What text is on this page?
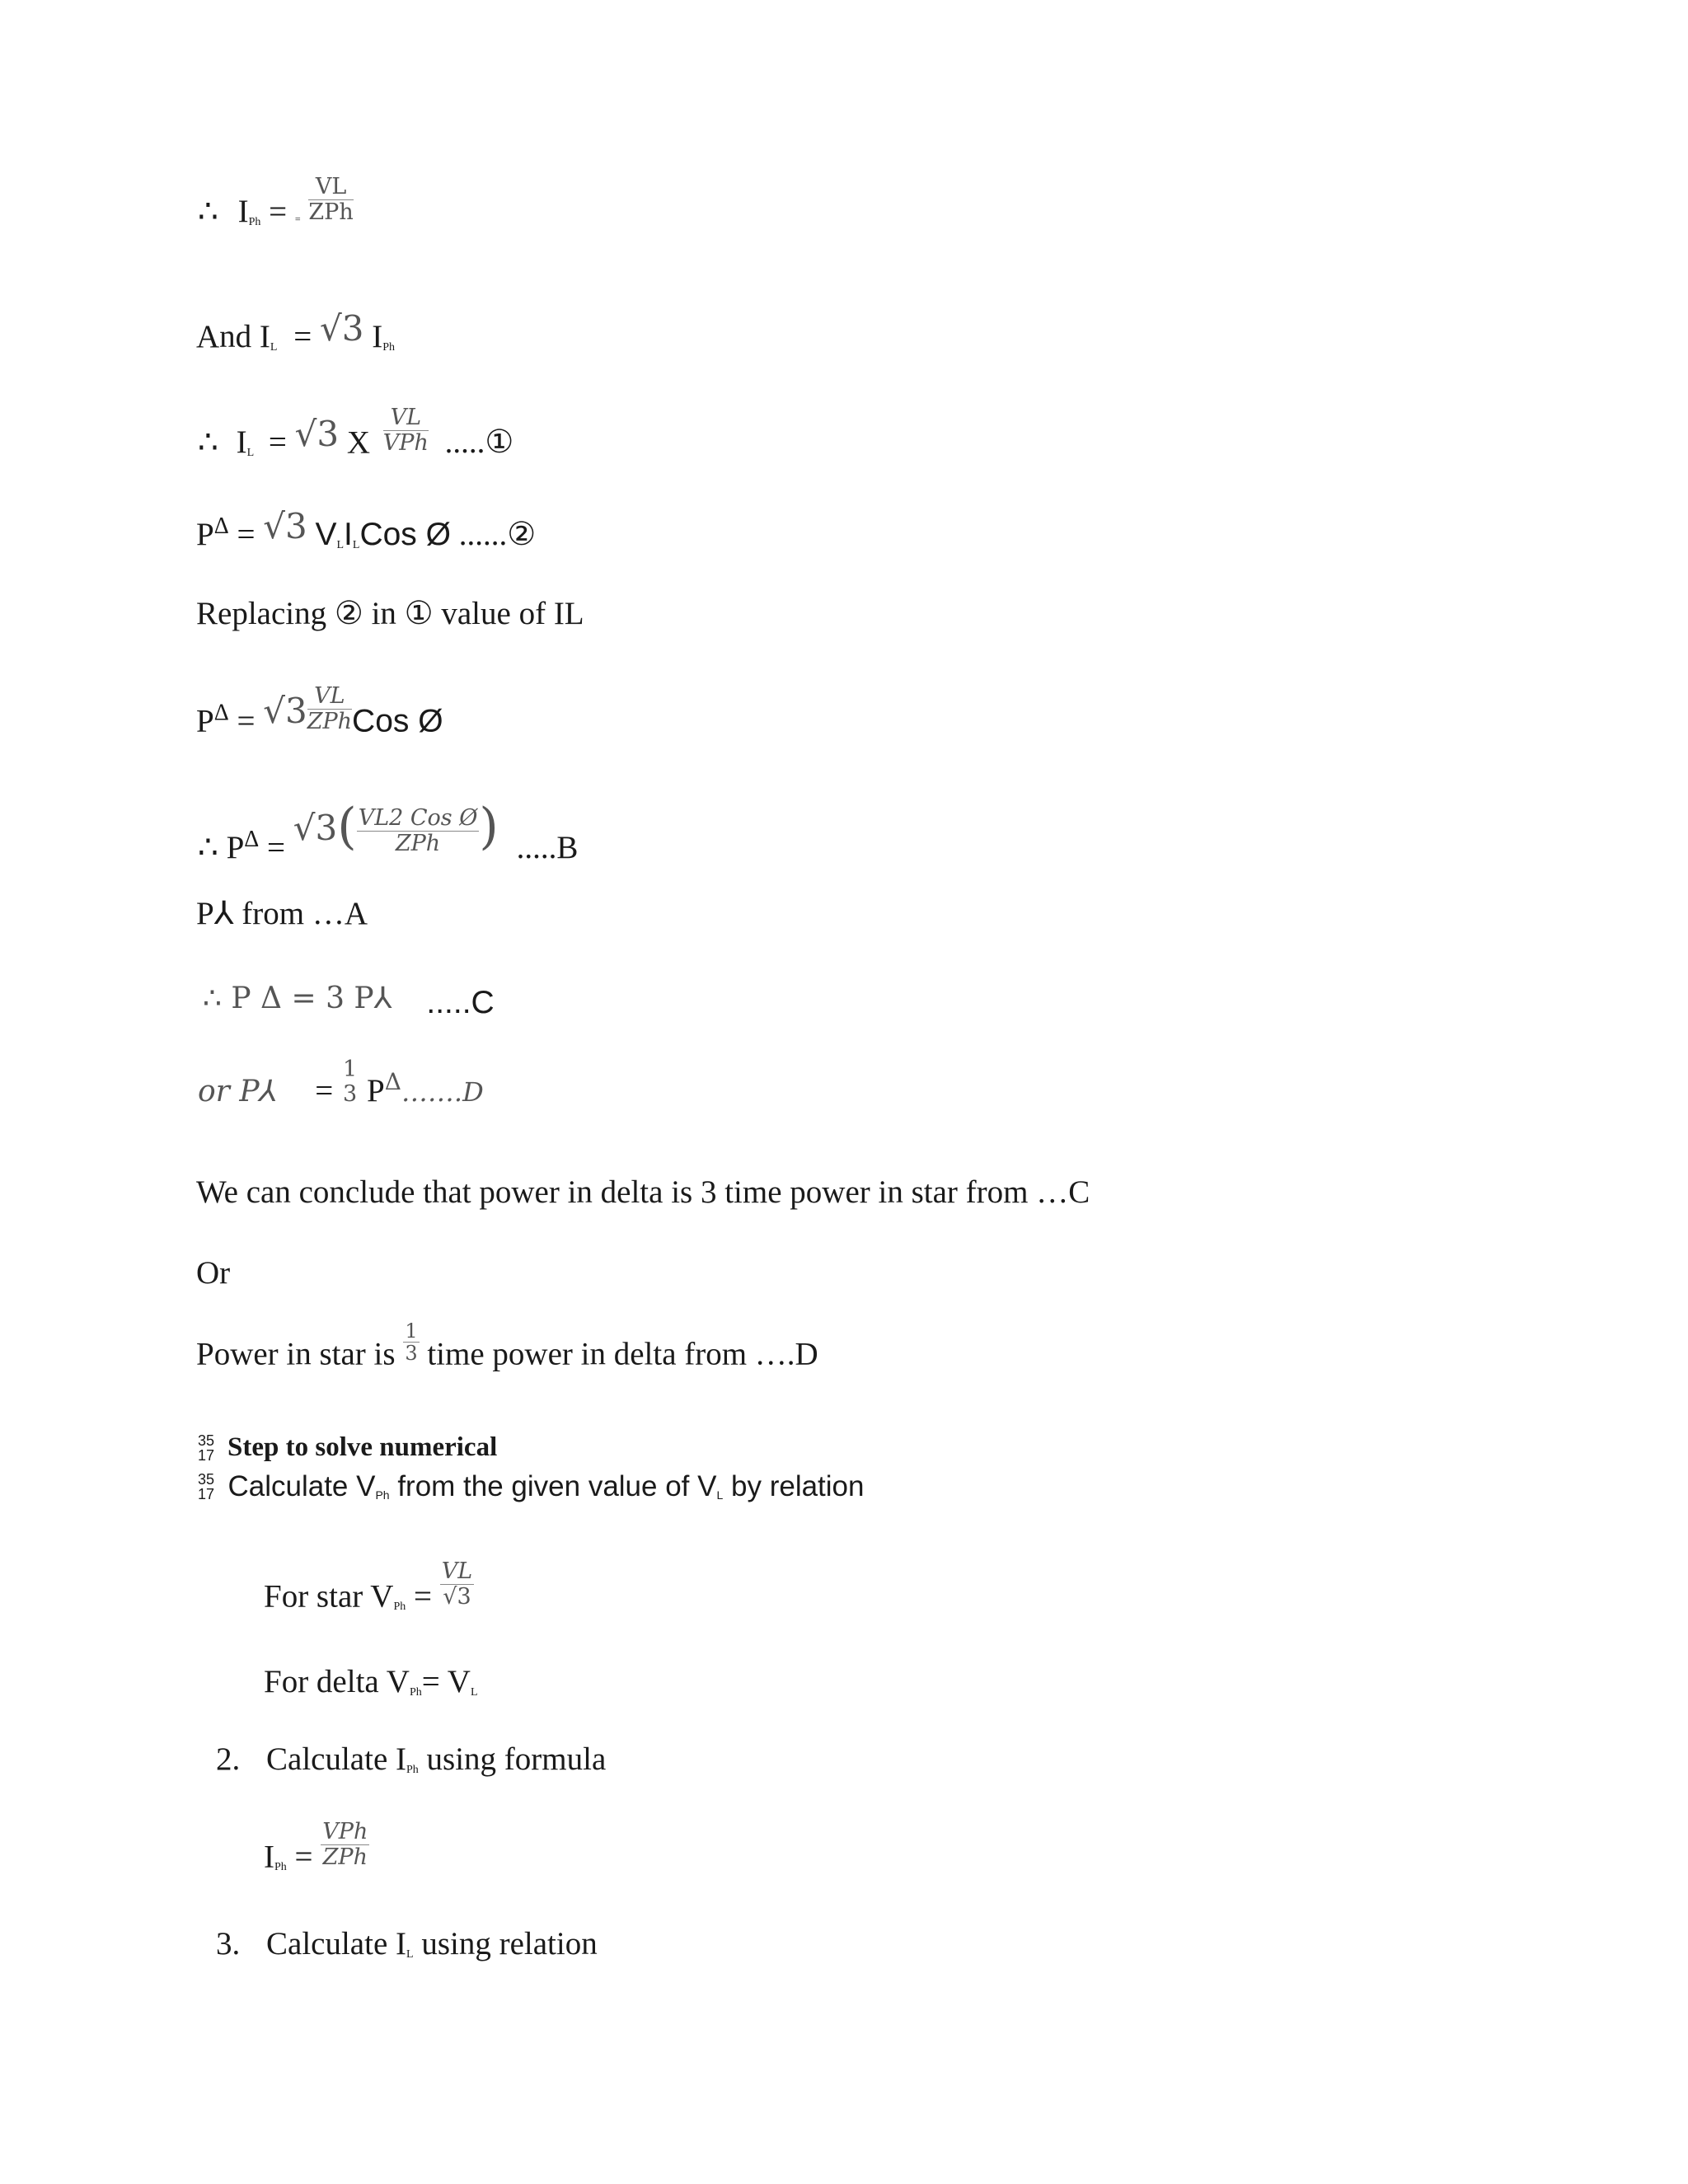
∴ IPh = = $\frac{VL}{\text{ZPh}}$
And IL = √3 IPh
∴ IL = √3 X $\frac{VL}{\text{VPh}}$ .....①
$P^\Delta = √3$ VLILCos Ø ......②
Replacing ② in ① value of IL
$P^\Delta = √3 \frac{VL}{\text{ZPh}}$ Cos Ø
∴ $P^\Delta = √3( \frac{\text{VL2 Cos Ø}}{\text{ZPh}}$ ) .....B
P⅄ from …A
∴ P Δ = 3 P⅄ .....C
or P⅄ =
1
3 $P^\Delta\dots\dots.D$
We can conclude that power in delta is 3 time power in star from …C
Or
Power in star is $\frac{1}{3}$ time power in delta from ….D
35
17 Step to solve numerical
35
17 Calculate VPh from the given value of VL by relation
For star VPh = $\frac{VL}{√3}$
For delta VPh= VL
2. Calculate IPh using formula
IPh = $\frac{\text{VPh}}{\text{ZPh}}$
3. Calculate IL using relation
